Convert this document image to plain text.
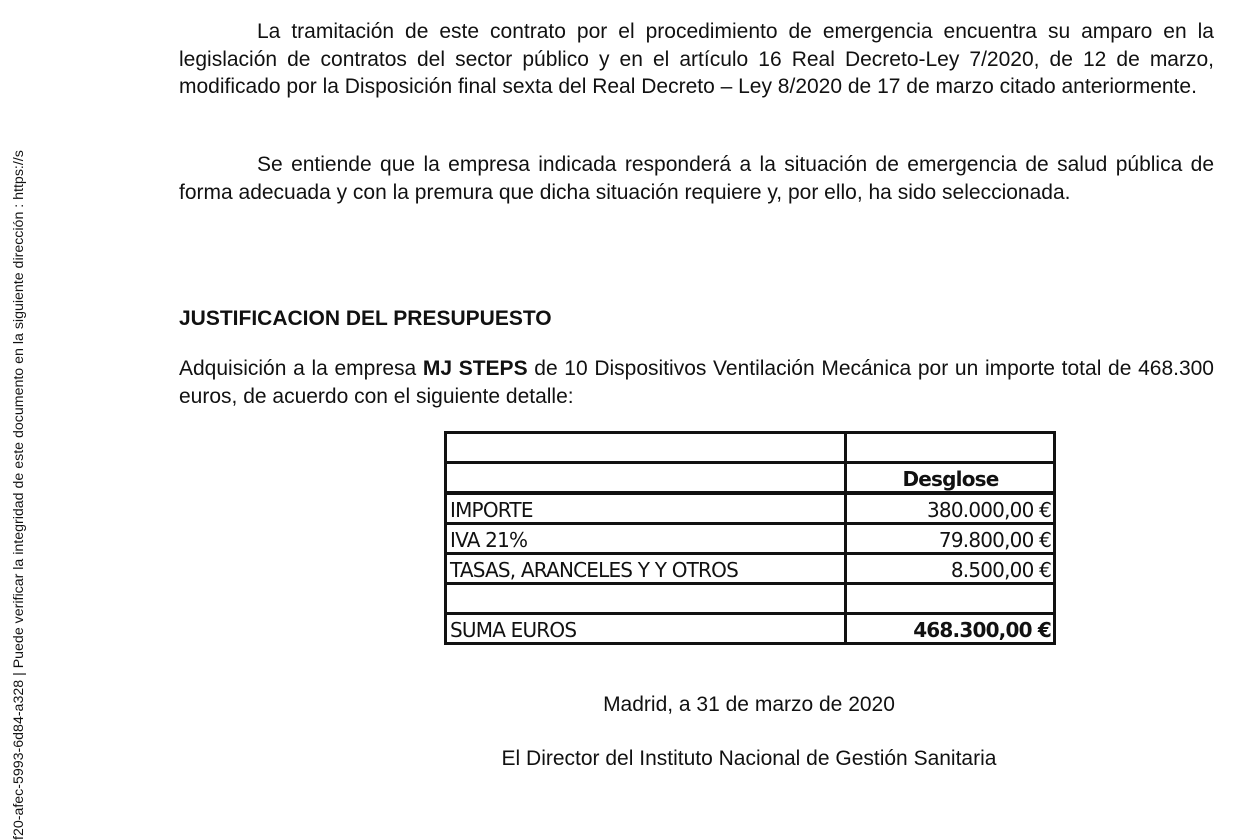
f20-afec-5993-6d84-a328 | Puede verificar la integridad de este documento en la siguiente dirección : https://s

La tramitación de este contrato por el procedimiento de emergencia encuentra su amparo en la legislación de contratos del sector público y en el artículo 16 Real Decreto-Ley 7/2020, de 12 de marzo, modificado por la Disposición final sexta del Real Decreto – Ley 8/2020 de 17 de marzo citado anteriormente.

Se entiende que la empresa indicada responderá a la situación de emergencia de salud pública de forma adecuada y con la premura que dicha situación requiere y, por ello, ha sido seleccionada.

JUSTIFICACION DEL PRESUPUESTO

Adquisición a la empresa MJ STEPS de 10 Dispositivos Ventilación Mecánica por un importe total de 468.300 euros, de acuerdo con el siguiente detalle:

	Desglose
IMPORTE	380.000,00 €
IVA 21%	79.800,00 €
TASAS, ARANCELES Y Y OTROS	8.500,00 €

SUMA EUROS	468.300,00 €
Madrid, a 31 de marzo de 2020
El Director del Instituto Nacional de Gestión Sanitaria
